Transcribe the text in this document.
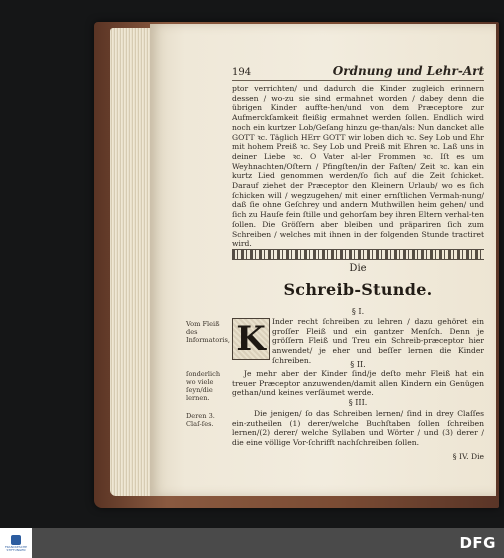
194	Ordnung und Lehr-Art
ptor verrichten/ und dadurch die Kinder zugleich erinnern dessen / wo-zu sie sind ermahnet worden / dabey denn die übrigen Kinder auffte-hen/und von dem Præceptore zur Aufmerckſamkeit fleißig ermahnet werden ſollen. Endlich wird noch ein kurtzer Lob/Geſang hinzu ge-than/als: Nun dancket alle GOTT ꝛc. Täglich HErr GOTT wir loben dich ꝛc. Sey Lob und Ehr mit hohem Preiß ꝛc. Sey Lob und Preiß mit Ehren ꝛc. Laß uns in deiner Liebe ꝛc. O Vater al-ler Frommen ꝛc. Iſt es um Weyhnachten/Oſtern / Pfingſten/in der Faſten/ Zeit ꝛc. kan ein kurtz Lied genommen werden/ſo ſich auf die Zeit ſchicket. Darauf ziehet der Præceptor den Kleinern Urlaub/ wo es ſich ſchicken will / wegzugehen/ mit einer ernſtlichen Vermah-nung/ daß ſie ohne Geſchrey und andern Muthwillen heim gehen/ und ſich zu Hauſe fein ſtille und gehorſam bey ihren Eltern verhal-ten ſollen. Die Gröſſern aber bleiben und präpariren ſich zum Schreiben / welches mit ihnen in der folgenden Stunde tractiret wird.
Die
Schreib-Stunde.
§ I.
Vom Fleiß des Informatoris, K Inder recht ſchreiben zu lehren / dazu gehöret ein groſſer Fleiß und ein gantzer Menſch. Denn je gröſſern Fleiß und Treu ein Schreib-præceptor hier anwendet/ je eher und beſſer lernen die Kinder ſchreiben.	§ II.
ſonderlich wo viele ſeyn/die lernen.
Je mehr aber der Kinder ſind/je deſto mehr Fleiß hat ein treuer Præceptor anzuwenden/damit allen Kindern ein Genügen gethan/und keines verſäumet werde.
§ III.
Deren 3. Claſ-ſes.
Die jenigen/ ſo das Schreiben lernen/ ſind in drey Claſſes ein-zutheilen (1) derer/welche Buchſtaben ſollen ſchreiben lernen/(2) derer/ welche Syllaben und Wörter / und (3) derer / die eine völlige Vor-ſchrifft nachſchreiben ſollen.
§ IV. Die
FRANCKESCHE STIFTUNGEN	DFG
